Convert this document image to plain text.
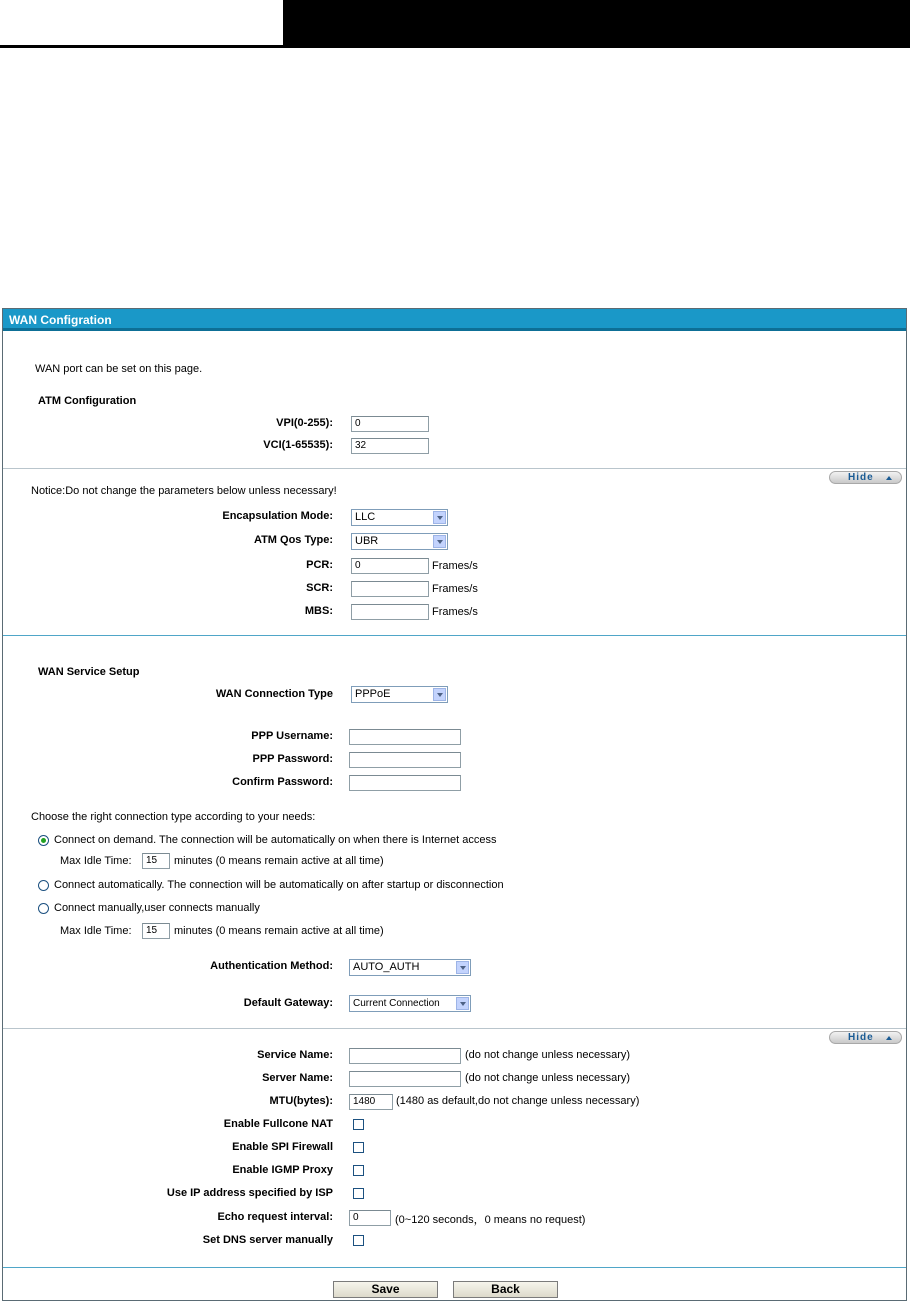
WAN Configration
WAN port can be set on this page.
ATM Configuration
VPI(0-255):	0
VCI(1-65535):	32
Hide
Notice:Do not change the parameters below unless necessary!
Encapsulation Mode:	LLC
ATM Qos Type:	UBR
PCR:	0	Frames/s
SCR:	Frames/s
MBS:	Frames/s
WAN Service Setup
WAN Connection Type	PPPoE
PPP Username:
PPP Password:
Confirm Password:
Choose the right connection type according to your needs:
Connect on demand. The connection will be automatically on when there is Internet access
Max Idle Time:	15	minutes (0 means remain active at all time)
Connect automatically. The connection will be automatically on after startup or disconnection
Connect manually,user connects manually
Max Idle Time:	15	minutes (0 means remain active at all time)
Authentication Method:	AUTO_AUTH
Default Gateway:	Current Connection
Hide
Service Name:	(do not change unless necessary)
Server Name:	(do not change unless necessary)
MTU(bytes):	1480	(1480 as default,do not change unless necessary)
Enable Fullcone NAT
Enable SPI Firewall
Enable IGMP Proxy
Use IP address specified by ISP
Echo request interval:	0	(0~120 seconds，0 means no request)
Set DNS server manually
Save	Back
